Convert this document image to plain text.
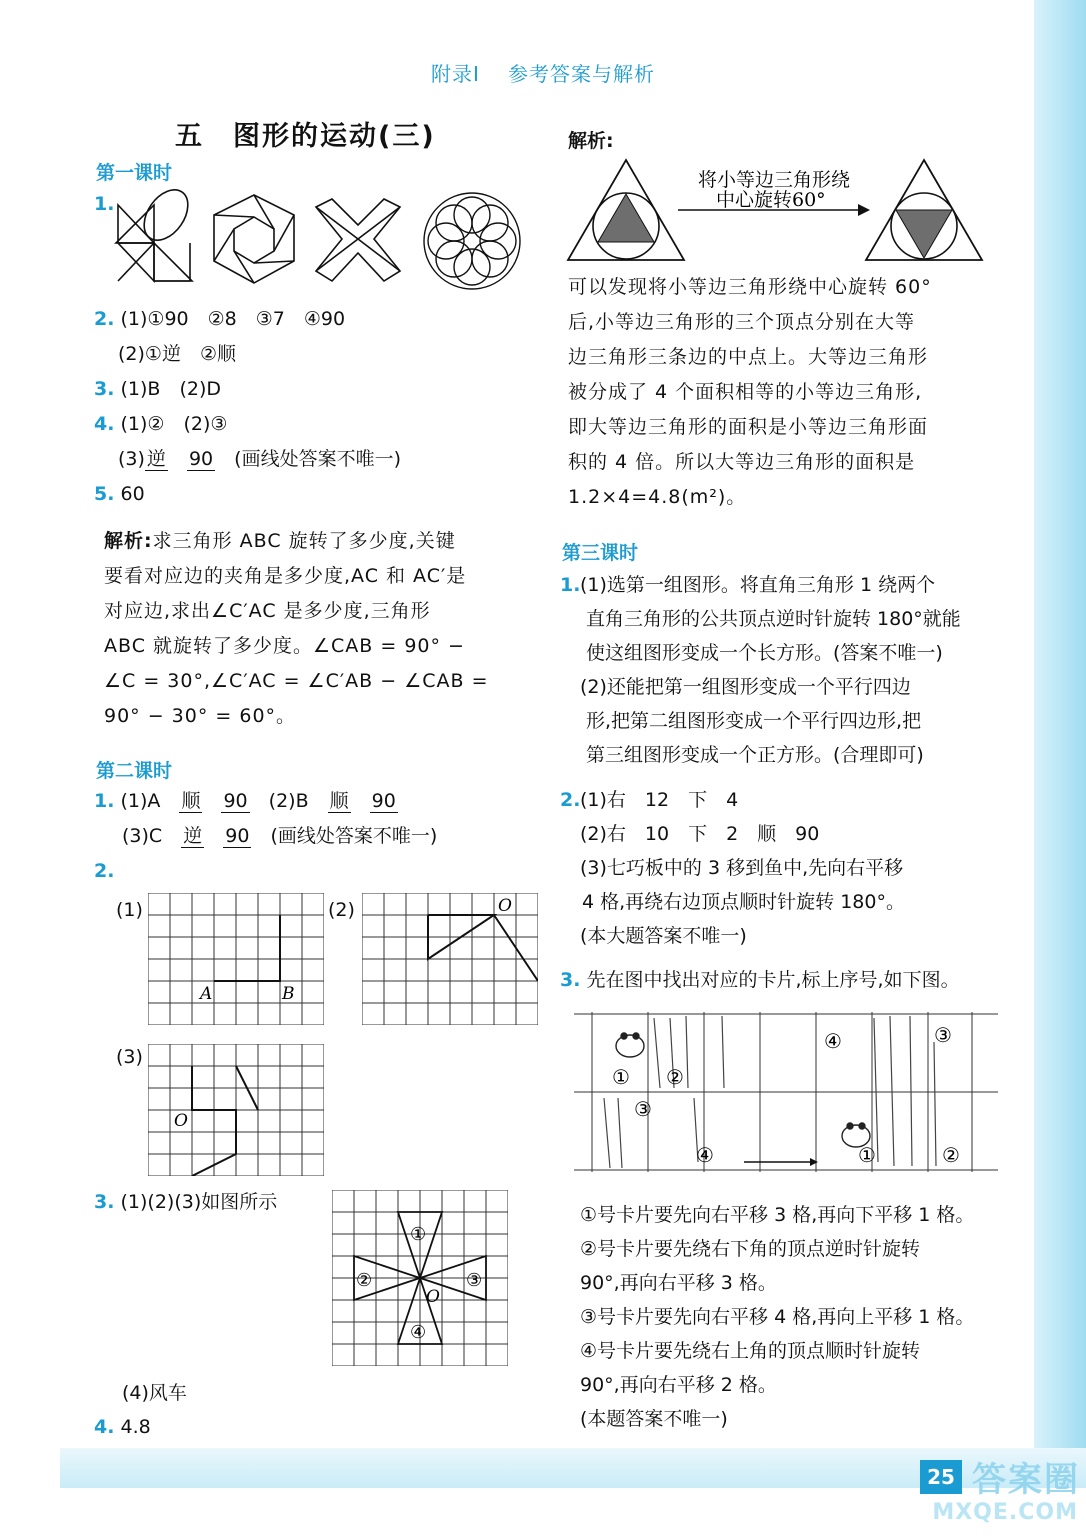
附录Ⅰ 参考答案与解析
五　图形的运动(三)
第一课时
1.
2. (1)①90　②8　③7　④90
(2)①逆　②顺
3. (1)B　(2)D
4. (1)②　(2)③
(3) 逆　 90　 (画线处答案不唯一)
5. 60
解析:求三角形 ABC 旋转了多少度,关键
要看对应边的夹角是多少度,AC 和 AC′是
对应边,求出∠C′AC 是多少度,三角形
ABC 就旋转了多少度。∠CAB = 90° −
∠C = 30°,∠C′AC = ∠C′AB − ∠CAB =
90° − 30° = 60°。
第二课时
1. (1)A　 顺　 90　 (2)B　 顺　 90
(3)C　 逆　 90　 (画线处答案不唯一)
2.
(1)
A	B
(2)	O
(3)
O
3. (1)(2)(3)如图所示
①
②	③
④
O
(4)风车
4. 4.8
解析:
将小等边三角形绕
中心旋转60°
可以发现将小等边三角形绕中心旋转 60°
后,小等边三角形的三个顶点分别在大等
边三角形三条边的中点上。大等边三角形
被分成了 4 个面积相等的小等边三角形,
即大等边三角形的面积是小等边三角形面
积的 4 倍。所以大等边三角形的面积是
1.2×4=4.8(m²)。
第三课时
1. (1)选第一组图形。将直角三角形 1 绕两个
直角三角形的公共顶点逆时针旋转 180°就能
使这组图形变成一个长方形。(答案不唯一)
(2)还能把第一组图形变成一个平行四边
形,把第二组图形变成一个平行四边形,把
第三组图形变成一个正方形。(合理即可)
2. (1)右　12　下　4
(2)右　10　下　2　顺　90
(3)七巧板中的 3 移到鱼中,先向右平移
4 格,再绕右边顶点顺时针旋转 180°。
(本大题答案不唯一)
3. 先在图中找出对应的卡片,标上序号,如下图。
① ②
③
④
④	③
①	②
①号卡片要先向右平移 3 格,再向下平移 1 格。
②号卡片要先绕右下角的顶点逆时针旋转
90°,再向右平移 3 格。
③号卡片要先向右平移 4 格,再向上平移 1 格。
④号卡片要先绕右上角的顶点顺时针旋转
90°,再向右平移 2 格。
(本题答案不唯一)
25 答案圈
MXQE.COM
